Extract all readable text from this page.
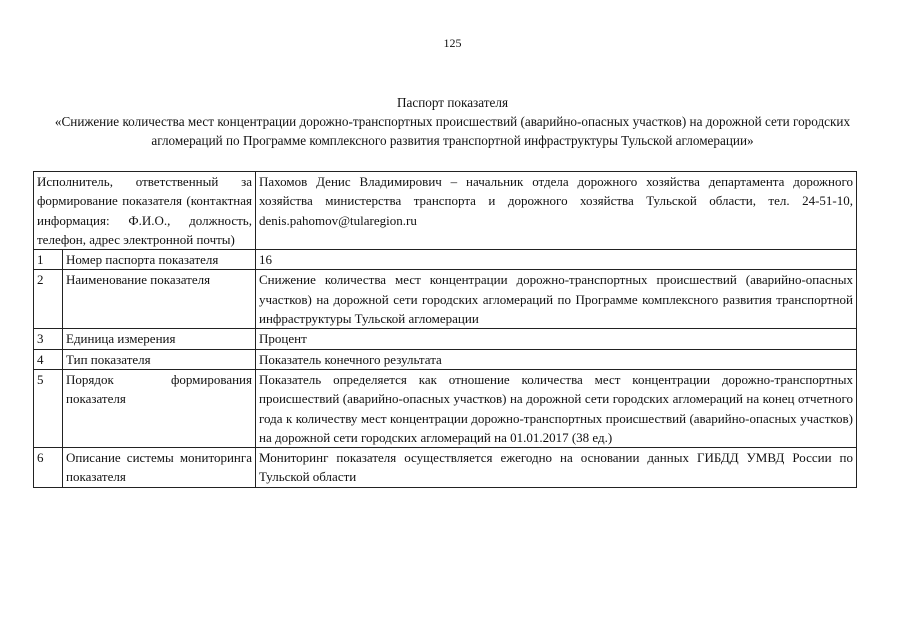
125
Паспорт показателя

«Снижение количества мест концентрации дорожно-транспортных происшествий (аварийно-опасных участков) на дорожной сети городских агломераций по Программе комплексного развития транспортной инфраструктуры Тульской агломерации»

Исполнитель, ответственный за формирование показателя (контактная информация: Ф.И.О., должность, телефон, адрес электронной почты)		Пахомов Денис Владимирович – начальник отдела дорожного хозяйства департамента дорожного хозяйства министерства транспорта и дорожного хозяйства Тульской области, тел. 24-51-10, denis.pahomov@tularegion.ru
1	Номер паспорта показателя	16
2	Наименование показателя	Снижение количества мест концентрации дорожно-транспортных происшествий (аварийно-опасных участков) на дорожной сети городских агломераций по Программе комплексного развития транспортной инфраструктуры Тульской агломерации
3	Единица измерения	Процент
4	Тип показателя	Показатель конечного результата
5	Порядок формирования показателя	Показатель определяется как отношение количества мест концентрации дорожно-транспортных происшествий (аварийно-опасных участков) на дорожной сети городских агломераций на конец отчетного года к количеству мест концентрации дорожно-транспортных происшествий (аварийно-опасных участков) на дорожной сети городских агломераций на 01.01.2017 (38 ед.)
6	Описание системы мониторинга показателя	Мониторинг показателя осуществляется ежегодно на основании данных ГИБДД УМВД России по Тульской области
